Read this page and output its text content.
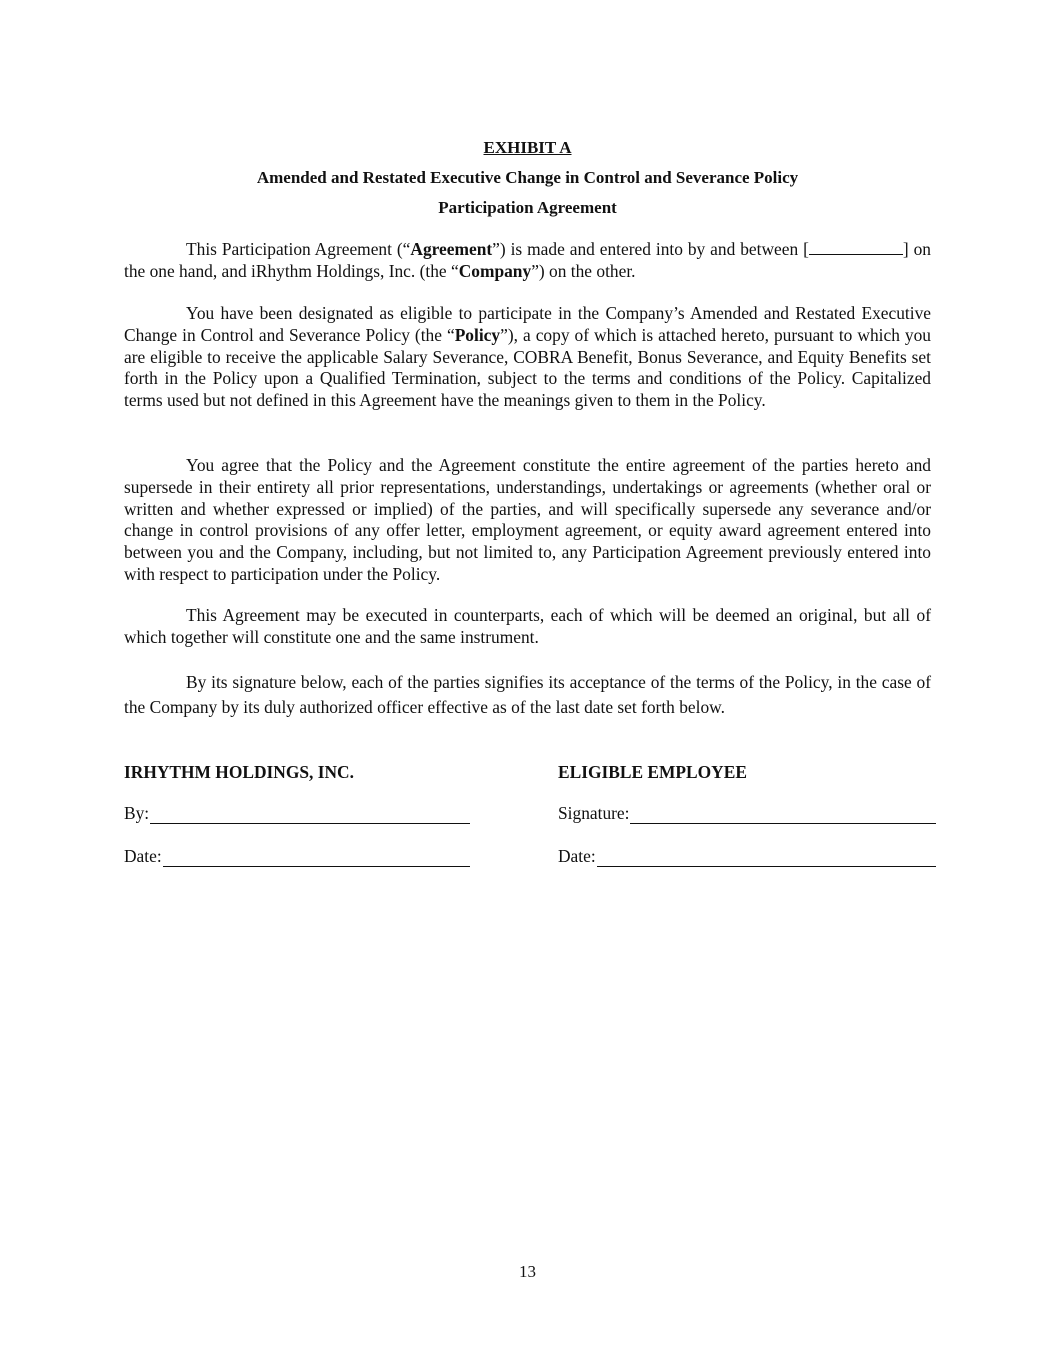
EXHIBIT A
Amended and Restated Executive Change in Control and Severance Policy
Participation Agreement

This Participation Agreement (“Agreement”) is made and entered into by and between [	] on the one hand, and iRhythm Holdings, Inc. (the “Company”) on the other.

You have been designated as eligible to participate in the Company’s Amended and Restated Executive Change in Control and Severance Policy (the “Policy”), a copy of which is attached hereto, pursuant to which you are eligible to receive the applicable Salary Severance, COBRA Benefit, Bonus Severance, and Equity Benefits set forth in the Policy upon a Qualified Termination, subject to the terms and conditions of the Policy. Capitalized terms used but not defined in this Agreement have the meanings given to them in the Policy.

You agree that the Policy and the Agreement constitute the entire agreement of the parties hereto and supersede in their entirety all prior representations, understandings, undertakings or agreements (whether oral or written and whether expressed or implied) of the parties, and will specifically supersede any severance and/or change in control provisions of any offer letter, employment agreement, or equity award agreement entered into between you and the Company, including, but not limited to, any Participation Agreement previously entered into with respect to participation under the Policy.

This Agreement may be executed in counterparts, each of which will be deemed an original, but all of which together will constitute one and the same instrument.

By its signature below, each of the parties signifies its acceptance of the terms of the Policy, in the case of the Company by its duly authorized officer effective as of the last date set forth below.

IRHYTHM HOLDINGS, INC.
By:
Date:
ELIGIBLE EMPLOYEE
Signature:
Date:
13
